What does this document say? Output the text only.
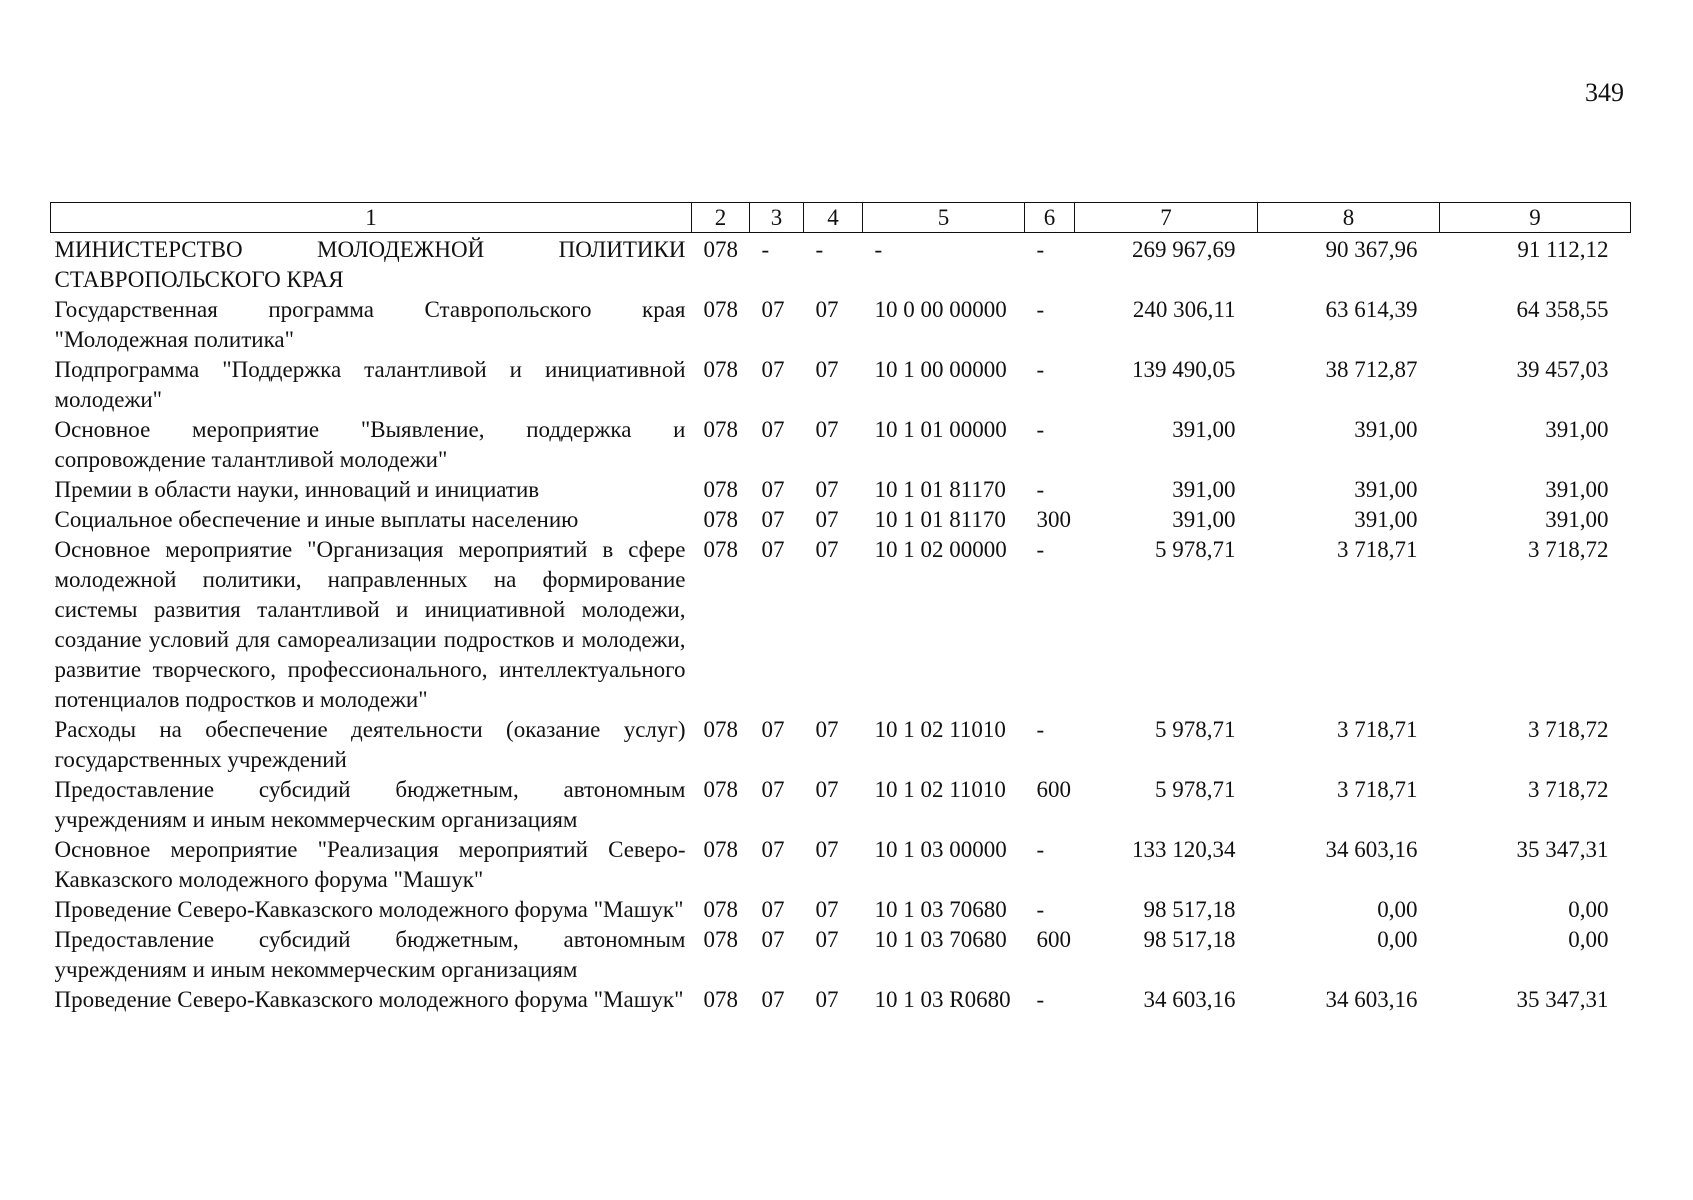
349
1	2	3	4	5	6	7	8	9
МИНИСТЕРСТВО МОЛОДЕЖНОЙ ПОЛИТИКИ СТАВРОПОЛЬСКОГО КРАЯ	078	-	-	-	-	269 967,69	90 367,96	91 112,12
Государственная программа Ставропольского края "Молодежная политика"	078	07	07	10 0 00 00000	-	240 306,11	63 614,39	64 358,55
Подпрограмма "Поддержка талантливой и инициативной молодежи"	078	07	07	10 1 00 00000	-	139 490,05	38 712,87	39 457,03
Основное мероприятие "Выявление, поддержка и сопровождение талантливой молодежи"	078	07	07	10 1 01 00000	-	391,00	391,00	391,00
Премии в области науки, инноваций и инициатив	078	07	07	10 1 01 81170	-	391,00	391,00	391,00
Социальное обеспечение и иные выплаты населению	078	07	07	10 1 01 81170	300	391,00	391,00	391,00
Основное мероприятие "Организация мероприятий в сфере молодежной политики, направленных на формирование системы развития талантливой и инициативной молодежи, создание условий для самореализации подростков и молодежи, развитие творческого, профессионального, интеллектуального потенциалов подростков и молодежи"	078	07	07	10 1 02 00000	-	5 978,71	3 718,71	3 718,72
Расходы на обеспечение деятельности (оказание услуг) государственных учреждений	078	07	07	10 1 02 11010	-	5 978,71	3 718,71	3 718,72
Предоставление субсидий бюджетным, автономным учреждениям и иным некоммерческим организациям	078	07	07	10 1 02 11010	600	5 978,71	3 718,71	3 718,72
Основное мероприятие "Реализация мероприятий Северо-Кавказского молодежного форума "Машук"	078	07	07	10 1 03 00000	-	133 120,34	34 603,16	35 347,31
Проведение Северо-Кавказского молодежного форума "Машук"	078	07	07	10 1 03 70680	-	98 517,18	0,00	0,00
Предоставление субсидий бюджетным, автономным учреждениям и иным некоммерческим организациям	078	07	07	10 1 03 70680	600	98 517,18	0,00	0,00
Проведение Северо-Кавказского молодежного форума "Машук"	078	07	07	10 1 03 R0680	-	34 603,16	34 603,16	35 347,31
